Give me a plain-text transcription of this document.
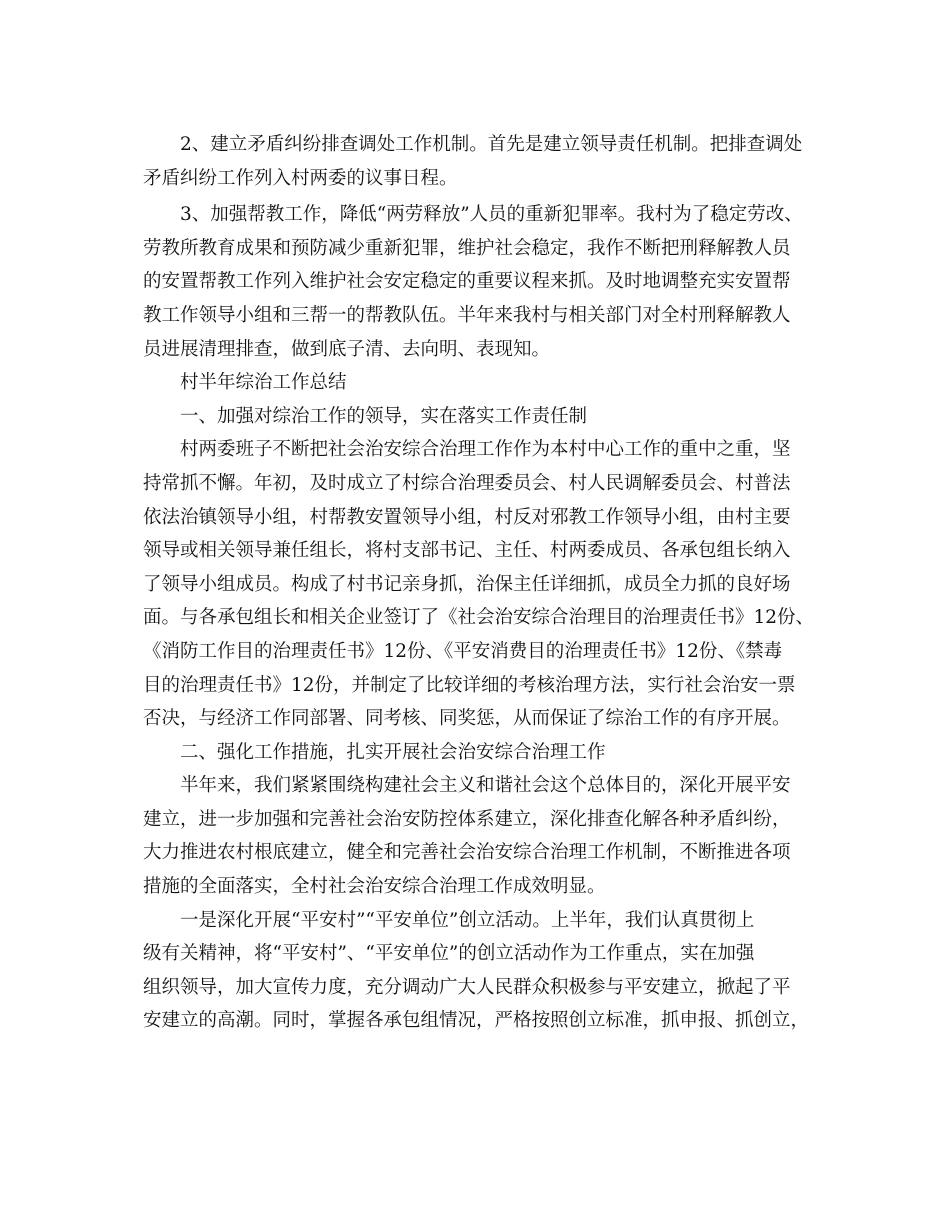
2、建立矛盾纠纷排查调处工作机制。首先是建立领导责任机制。把排查调处
矛盾纠纷工作列入村两委的议事日程。
3、加强帮教工作，降低“两劳释放”人员的重新犯罪率。我村为了稳定劳改、
劳教所教育成果和预防减少重新犯罪，维护社会稳定，我作不断把刑释解教人员
的安置帮教工作列入维护社会安定稳定的重要议程来抓。及时地调整充实安置帮
教工作领导小组和三帮一的帮教队伍。半年来我村与相关部门对全村刑释解教人
员进展清理排查，做到底子清、去向明、表现知。
村半年综治工作总结
一、加强对综治工作的领导，实在落实工作责任制
村两委班子不断把社会治安综合治理工作作为本村中心工作的重中之重，坚
持常抓不懈。年初，及时成立了村综合治理委员会、村人民调解委员会、村普法
依法治镇领导小组，村帮教安置领导小组，村反对邪教工作领导小组，由村主要
领导或相关领导兼任组长，将村支部书记、主任、村两委成员、各承包组长纳入
了领导小组成员。构成了村书记亲身抓，治保主任详细抓，成员全力抓的良好场
面。与各承包组长和相关企业签订了《社会治安综合治理目的治理责任书》12份、
《消防工作目的治理责任书》12份、《平安消费目的治理责任书》12份、《禁毒
目的治理责任书》12份，并制定了比较详细的考核治理方法，实行社会治安一票
否决，与经济工作同部署、同考核、同奖惩，从而保证了综治工作的有序开展。
二、强化工作措施，扎实开展社会治安综合治理工作
半年来，我们紧紧围绕构建社会主义和谐社会这个总体目的，深化开展平安
建立，进一步加强和完善社会治安防控体系建立，深化排查化解各种矛盾纠纷，
大力推进农村根底建立，健全和完善社会治安综合治理工作机制，不断推进各项
措施的全面落实，全村社会治安综合治理工作成效明显。
一是深化开展“平安村”“平安单位”创立活动。上半年，我们认真贯彻上
级有关精神，将“平安村”、“平安单位”的创立活动作为工作重点，实在加强
组织领导，加大宣传力度，充分调动广大人民群众积极参与平安建立，掀起了平
安建立的高潮。同时，掌握各承包组情况，严格按照创立标准，抓申报、抓创立，
